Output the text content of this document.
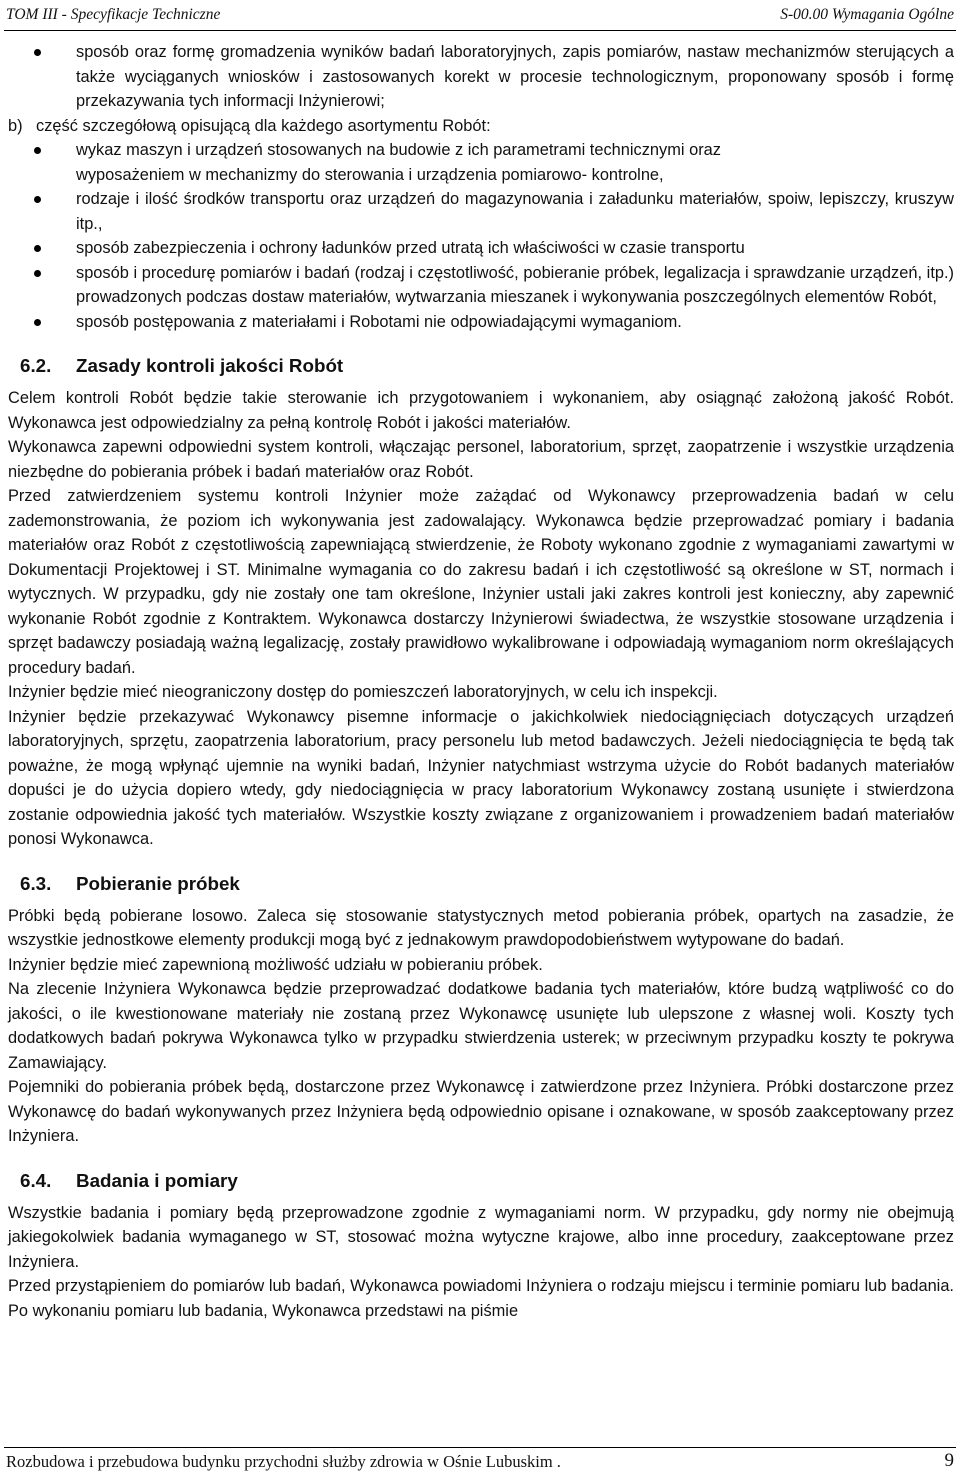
TOM III - Specyfikacje Techniczne	S-00.00 Wymagania Ogólne
sposób oraz formę gromadzenia wyników badań laboratoryjnych, zapis pomiarów, nastaw mechanizmów sterujących a także wyciąganych wniosków i zastosowanych korekt w procesie technologicznym, proponowany sposób i formę przekazywania tych informacji Inżynierowi;
b) część szczegółową opisującą dla każdego asortymentu Robót:
wykaz maszyn i urządzeń stosowanych na budowie z ich parametrami technicznymi oraz
wyposażeniem w mechanizmy do sterowania i urządzenia pomiarowo- kontrolne,
rodzaje i ilość środków transportu oraz urządzeń do magazynowania i załadunku materiałów, spoiw, lepiszczy, kruszyw itp.,
sposób zabezpieczenia i ochrony ładunków przed utratą ich właściwości w czasie transportu
sposób i procedurę pomiarów i badań (rodzaj i częstotliwość, pobieranie próbek, legalizacja i sprawdzanie urządzeń, itp.) prowadzonych podczas dostaw materiałów, wytwarzania mieszanek i wykonywania poszczególnych elementów Robót,
sposób postępowania z materiałami i Robotami nie odpowiadającymi wymaganiom.
6.2. Zasady kontroli jakości Robót

Celem kontroli Robót będzie takie sterowanie ich przygotowaniem i wykonaniem, aby osiągnąć założoną jakość Robót. Wykonawca jest odpowiedzialny za pełną kontrolę Robót i jakości materiałów.

Wykonawca zapewni odpowiedni system kontroli, włączając personel, laboratorium, sprzęt, zaopatrzenie i wszystkie urządzenia niezbędne do pobierania próbek i badań materiałów oraz Robót.

Przed zatwierdzeniem systemu kontroli Inżynier może zażądać od Wykonawcy przeprowadzenia badań w celu zademonstrowania, że poziom ich wykonywania jest zadowalający. Wykonawca będzie przeprowadzać pomiary i badania materiałów oraz Robót z częstotliwością zapewniającą stwierdzenie, że Roboty wykonano zgodnie z wymaganiami zawartymi w Dokumentacji Projektowej i ST. Minimalne wymagania co do zakresu badań i ich częstotliwość są określone w ST, normach i wytycznych. W przypadku, gdy nie zostały one tam określone, Inżynier ustali jaki zakres kontroli jest konieczny, aby zapewnić wykonanie Robót zgodnie z Kontraktem. Wykonawca dostarczy Inżynierowi świadectwa, że wszystkie stosowane urządzenia i sprzęt badawczy posiadają ważną legalizację, zostały prawidłowo wykalibrowane i odpowiadają wymaganiom norm określających procedury badań.

Inżynier będzie mieć nieograniczony dostęp do pomieszczeń laboratoryjnych, w celu ich inspekcji.

Inżynier będzie przekazywać Wykonawcy pisemne informacje o jakichkolwiek niedociągnięciach dotyczących urządzeń laboratoryjnych, sprzętu, zaopatrzenia laboratorium, pracy personelu lub metod badawczych. Jeżeli niedociągnięcia te będą tak poważne, że mogą wpłynąć ujemnie na wyniki badań, Inżynier natychmiast wstrzyma użycie do Robót badanych materiałów dopuści je do użycia dopiero wtedy, gdy niedociągnięcia w pracy laboratorium Wykonawcy zostaną usunięte i stwierdzona zostanie odpowiednia jakość tych materiałów. Wszystkie koszty związane z organizowaniem i prowadzeniem badań materiałów ponosi Wykonawca.

6.3. Pobieranie próbek

Próbki będą pobierane losowo. Zaleca się stosowanie statystycznych metod pobierania próbek, opartych na zasadzie, że wszystkie jednostkowe elementy produkcji mogą być z jednakowym prawdopodobieństwem wytypowane do badań.

Inżynier będzie mieć zapewnioną możliwość udziału w pobieraniu próbek.

Na zlecenie Inżyniera Wykonawca będzie przeprowadzać dodatkowe badania tych materiałów, które budzą wątpliwość co do jakości, o ile kwestionowane materiały nie zostaną przez Wykonawcę usunięte lub ulepszone z własnej woli. Koszty tych dodatkowych badań pokrywa Wykonawca tylko w przypadku stwierdzenia usterek; w przeciwnym przypadku koszty te pokrywa Zamawiający.

Pojemniki do pobierania próbek będą, dostarczone przez Wykonawcę i zatwierdzone przez Inżyniera. Próbki dostarczone przez Wykonawcę do badań wykonywanych przez Inżyniera będą odpowiednio opisane i oznakowane, w sposób zaakceptowany przez Inżyniera.

6.4. Badania i pomiary

Wszystkie badania i pomiary będą przeprowadzone zgodnie z wymaganiami norm. W przypadku, gdy normy nie obejmują jakiegokolwiek badania wymaganego w ST, stosować można wytyczne krajowe, albo inne procedury, zaakceptowane przez Inżyniera.

Przed przystąpieniem do pomiarów lub badań, Wykonawca powiadomi Inżyniera o rodzaju miejscu i terminie pomiaru lub badania. Po wykonaniu pomiaru lub badania, Wykonawca przedstawi na piśmie

Rozbudowa i przebudowa budynku przychodni służby zdrowia w Ośnie Lubuskim .	9
